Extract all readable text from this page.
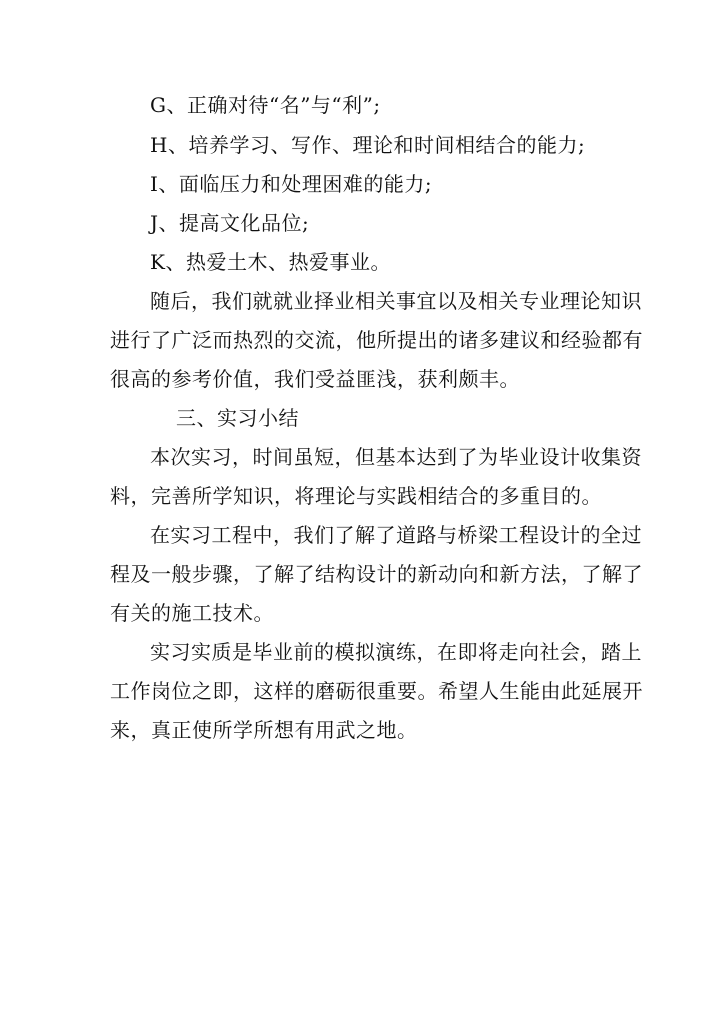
G、正确对待“名”与“利”;
H、培养学习、写作、理论和时间相结合的能力;
I、面临压力和处理困难的能力;
J、提高文化品位;
K、热爱土木、热爱事业。
随后，我们就就业择业相关事宜以及相关专业理论知识
进行了广泛而热烈的交流，他所提出的诸多建议和经验都有
很高的参考价值，我们受益匪浅，获利颇丰。
三、实习小结
本次实习，时间虽短，但基本达到了为毕业设计收集资
料，完善所学知识，将理论与实践相结合的多重目的。
在实习工程中，我们了解了道路与桥梁工程设计的全过
程及一般步骤，了解了结构设计的新动向和新方法，了解了
有关的施工技术。
实习实质是毕业前的模拟演练，在即将走向社会，踏上
工作岗位之即，这样的磨砺很重要。希望人生能由此延展开
来，真正使所学所想有用武之地。
